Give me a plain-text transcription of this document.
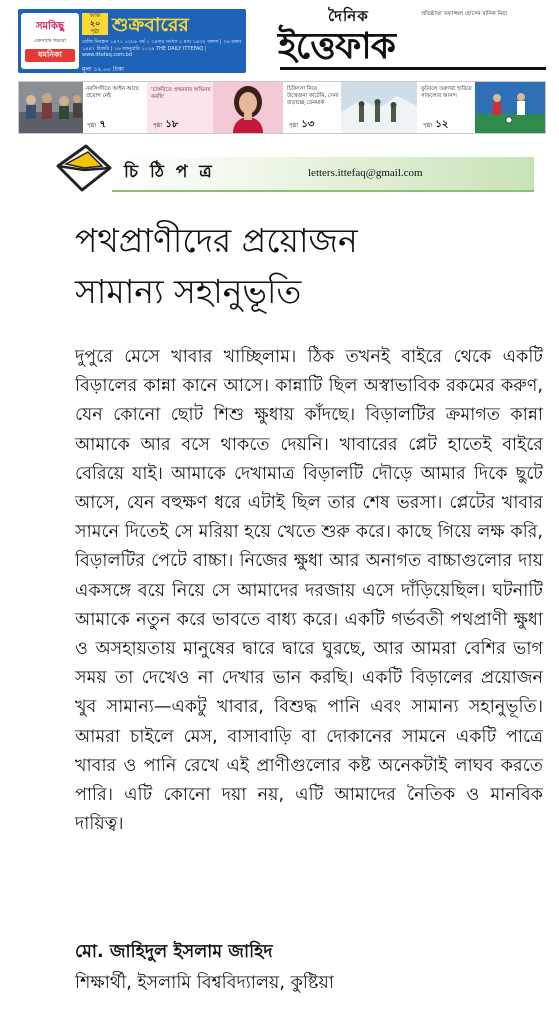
সমকিছু
একসাথে গড়বো
ধমনিকা
আজ
২০
পৃষ্ঠা শুক্রবারের
রেজি নিবন্ধন ১৪৭১ ০২৮৮ বর্ষ ১ ৩৪তম সংখ্যা ২ মাঘ ১৪৩২ বঙ্গাব্দ | ২৬ রজব ১৪৪৭ হিজরি | ১৬ জানুয়ারি ২০২৬ THE DAILY ITTEFAQ | www.ittefaq.com.bd
মূল্য ১২.০০ টাকা
দৈনিক	প্রতিষ্ঠাতা তফাজ্জল হোসেন মানিক মিয়া
ইত্তেফাক
নরসিংদীতে আইন আছে প্রয়োগ নেই
পৃষ্ঠা ৭
'চাকরিতে প্রথমবার অভিনয় করছি'
পৃষ্ঠা ১৮
চিকিৎসা নিয়ে উত্তেজনা কাটেনি, সেনা বাড়াচ্ছে ডেনমার্ক
পৃষ্ঠা ১৩
ফুটবলে তরুণরা হারিয়ে সাফল্যের আনন্দ
পৃষ্ঠা ১২
চি ঠি প ত্র	letters.ittefaq@gmail.com
পথপ্রাণীদের প্রয়োজন
সামান্য সহানুভূতি

দুপুরে মেসে খাবার খাচ্ছিলাম। ঠিক তখনই বাইরে থেকে একটি বিড়ালের কান্না কানে আসে। কান্নাটি ছিল অস্বাভাবিক রকমের করুণ, যেন কোনো ছোট শিশু ক্ষুধায় কাঁদছে। বিড়ালটির ক্রমাগত কান্না আমাকে আর বসে থাকতে দেয়নি। খাবারের প্লেট হাতেই বাইরে বেরিয়ে যাই। আমাকে দেখামাত্র বিড়ালটি দৌড়ে আমার দিকে ছুটে আসে, যেন বহুক্ষণ ধরে এটাই ছিল তার শেষ ভরসা। প্লেটের খাবার সামনে দিতেই সে মরিয়া হয়ে খেতে শুরু করে। কাছে গিয়ে লক্ষ করি, বিড়ালটির পেটে বাচ্চা। নিজের ক্ষুধা আর অনাগত বাচ্চাগুলোর দায় একসঙ্গে বয়ে নিয়ে সে আমাদের দরজায় এসে দাঁড়িয়েছিল। ঘটনাটি আমাকে নতুন করে ভাবতে বাধ্য করে। একটি গর্ভবতী পথপ্রাণী ক্ষুধা ও অসহায়তায় মানুষের দ্বারে দ্বারে ঘুরছে, আর আমরা বেশির ভাগ সময় তা দেখেও না দেখার ভান করছি। একটি বিড়ালের প্রয়োজন খুব সামান্য—একটু খাবার, বিশুদ্ধ পানি এবং সামান্য সহানুভূতি। আমরা চাইলে মেস, বাসাবাড়ি বা দোকানের সামনে একটি পাত্রে খাবার ও পানি রেখে এই প্রাণীগুলোর কষ্ট অনেকটাই লাঘব করতে পারি। এটি কোনো দয়া নয়, এটি আমাদের নৈতিক ও মানবিক দায়িত্ব।

মো. জাহিদুল ইসলাম জাহিদ
শিক্ষার্থী, ইসলামি বিশ্ববিদ্যালয়, কুষ্টিয়া
